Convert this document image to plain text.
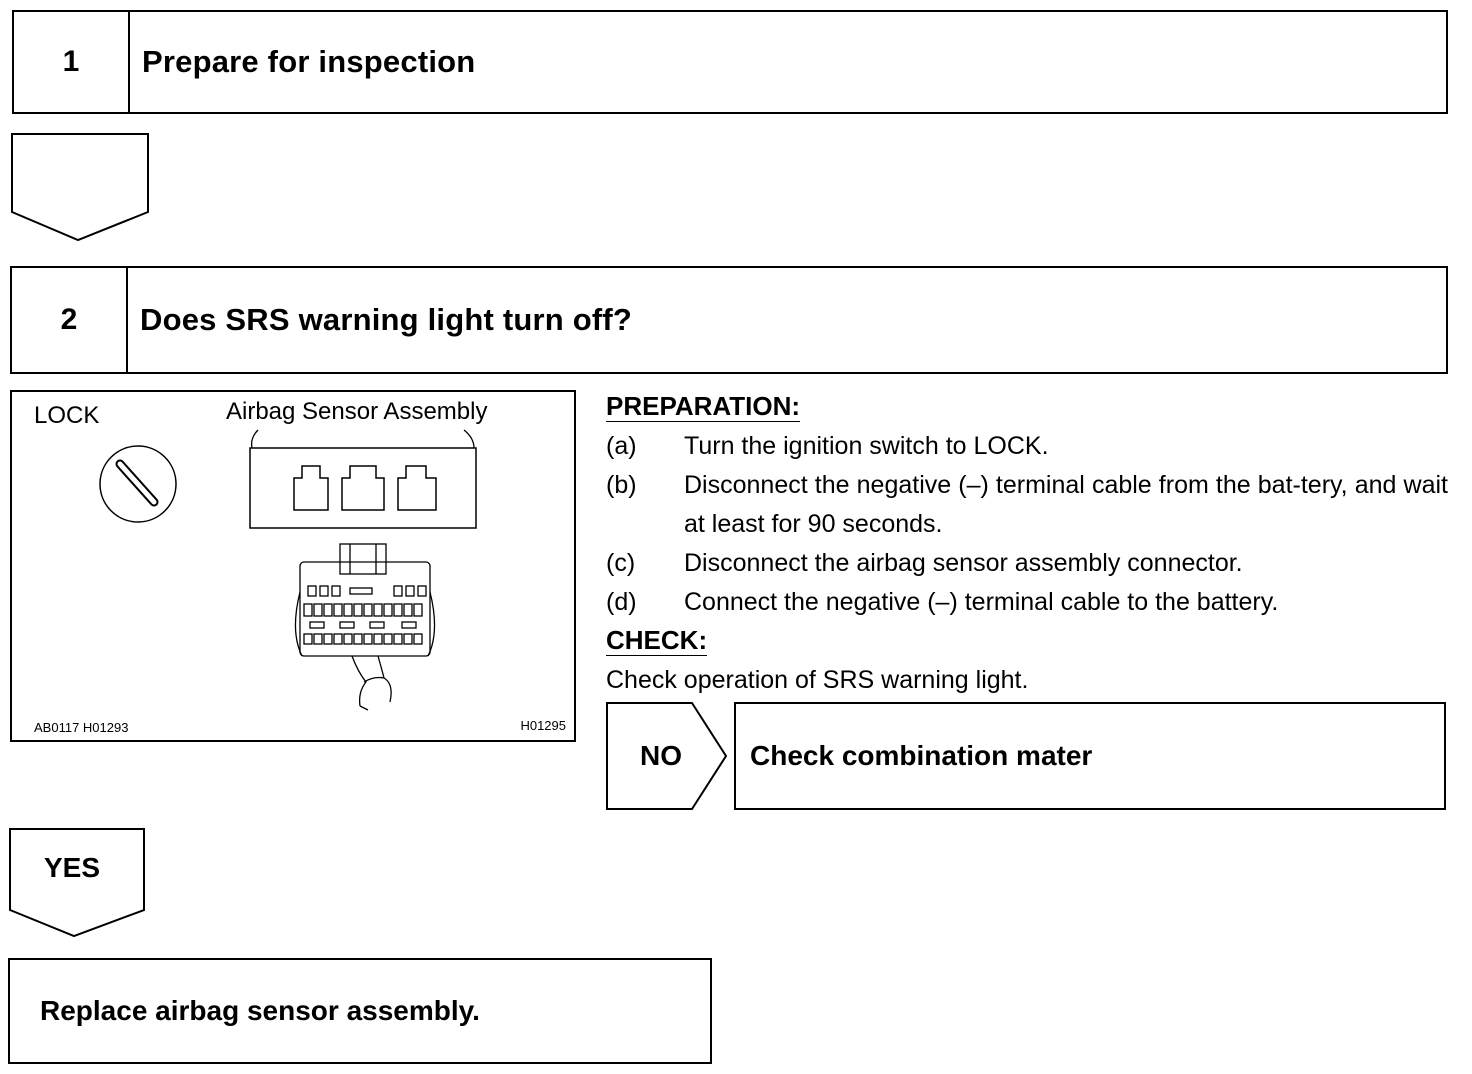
1	Prepare for inspection
2	Does SRS warning light turn off?
LOCK	Airbag Sensor Assembly
AB0117 H01293	H01295
PREPARATION:
(a)	Turn the ignition switch to LOCK.
(b)	Disconnect the negative (–) terminal cable from the bat-tery, and wait at least for 90 seconds.
(c)	Disconnect the airbag sensor assembly connector.
(d)	Connect the negative (–) terminal cable to the battery.
CHECK:
Check operation of SRS warning light.
NO Check combination mater
YES
Replace airbag sensor assembly.
